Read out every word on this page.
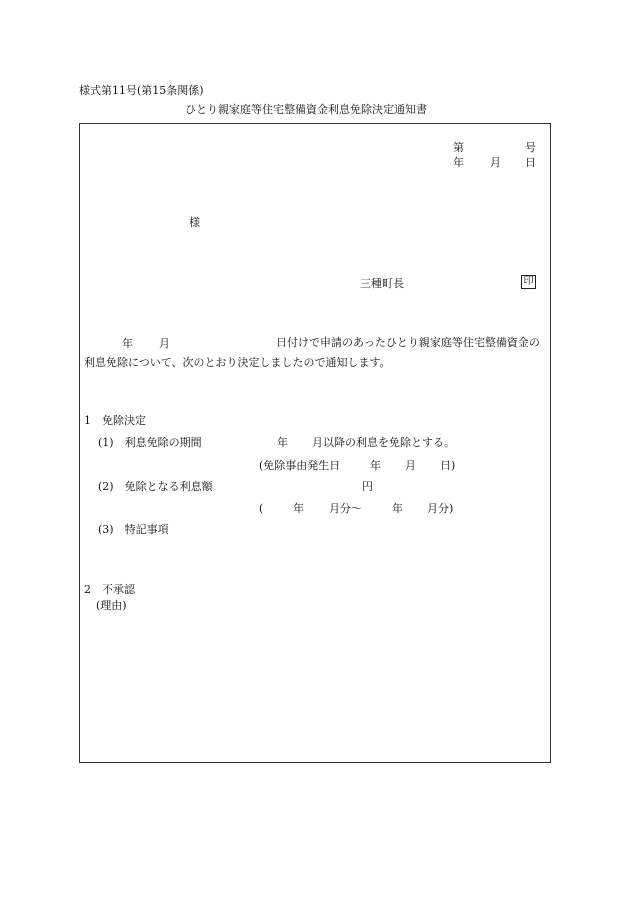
様式第11号(第15条関係)
ひとり親家庭等住宅整備資金利息免除決定通知書
第	号
年 月 日
様
三種町長	印
年 月	日付けで申請のあったひとり親家庭等住宅整備資金の利息免除について、次のとおり決定しましたので通知します。
1　免除決定
(1)　利息免除の期間	年 月以降の利息を免除とする。
(免除事由発生日	年 月 日)
(2)　免除となる利息額	円
(	年 月分～	年 月分)
(3)　特記事項
2　不承認
(理由)
